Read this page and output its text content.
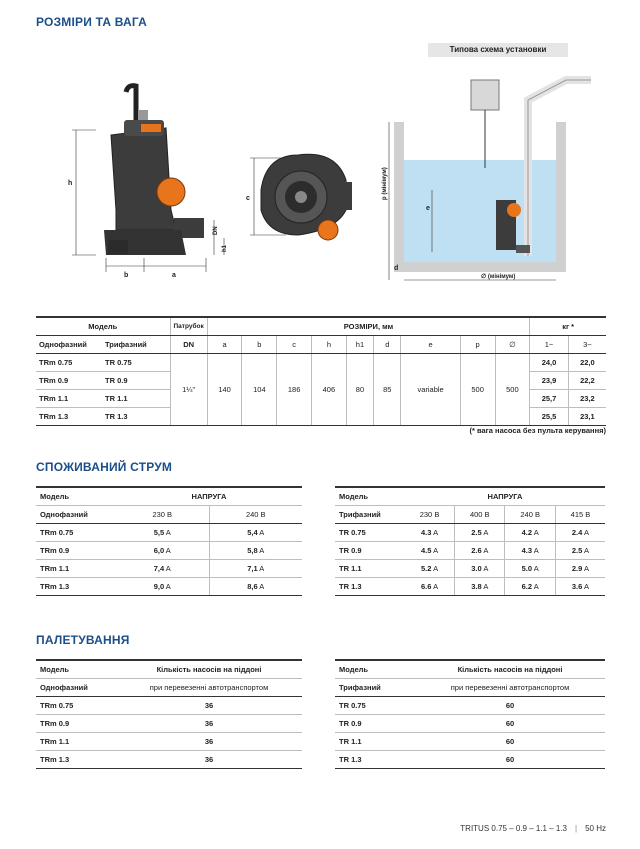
РОЗМІРИ ТА ВАГА
h
b	a
DN
h1
c	p (мінімум)
e
d
∅ (мінімум)
Типова схема установки
Модель		Патрубок	РОЗМІРИ, мм									кг *	
Однофазний	Трифазний	DN	a	b	c	h	h1	d	e	p	∅	1~	3~
TRm 0.75	TR 0.75	1¼"	140	104	186	406	80	85	variable	500	500	24,0	22,0
TRm 0.9	TR 0.9											23,9	22,2
TRm 1.1	TR 1.1											25,7	23,2
TRm 1.3	TR 1.3											25,5	23,1
(* вага насоса без пульта керування)
СПОЖИВАНИЙ СТРУМ
Модель	НАПРУГА	
Однофазний	230 В	240 В
TRm 0.75	5,5 A	5,4 A
TRm 0.9	6,0 A	5,8 A
TRm 1.1	7,4 A	7,1 A
TRm 1.3	9,0 A	8,6 A
Модель	НАПРУГА			
Трифазний	230 В	400 В	240 В	415 В
TR 0.75	4.3 A	2.5 A	4.2 A	2.4 A
TR 0.9	4.5 A	2.6 A	4.3 A	2.5 A
TR 1.1	5.2 A	3.0 A	5.0 A	2.9 A
TR 1.3	6.6 A	3.8 A	6.2 A	3.6 A
ПАЛЕТУВАННЯ
Модель	Кількість насосів на піддоні
Однофазний	при перевезенні автотранспортом
TRm 0.75	36
TRm 0.9	36
TRm 1.1	36
TRm 1.3	36
Модель	Кількість насосів на піддоні
Трифазний	при перевезенні автотранспортом
TR 0.75	60
TR 0.9	60
TR 1.1	60
TR 1.3	60
TRITUS 0.75 – 0.9 – 1.1 – 1.3 | 50 Hz
